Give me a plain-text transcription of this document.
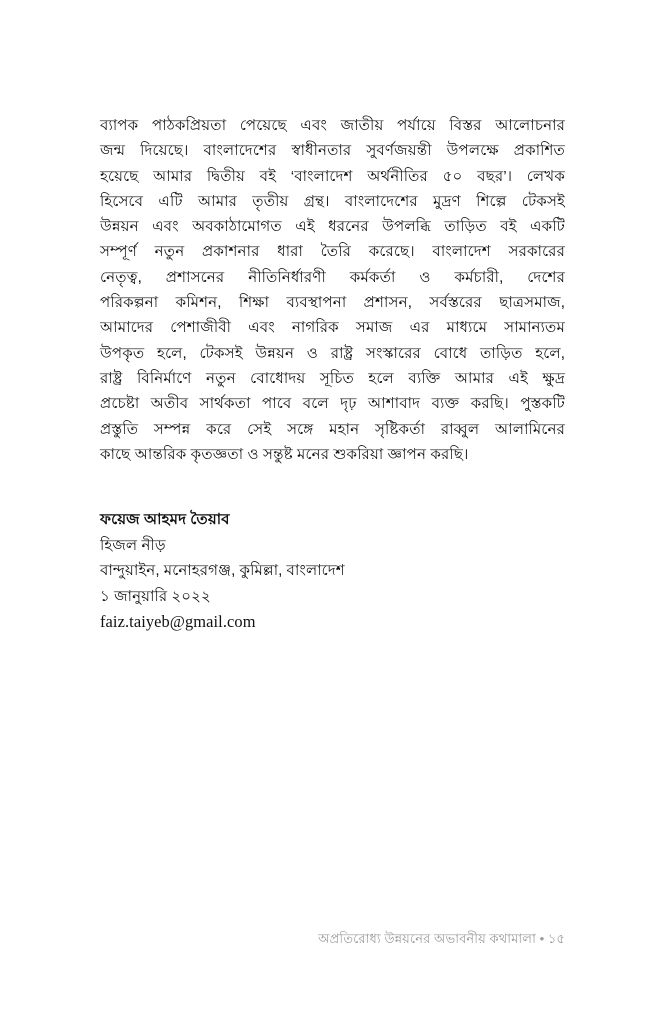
ব্যাপক পাঠকপ্রিয়তা পেয়েছে এবং জাতীয় পর্যায়ে বিস্তর আলোচনার
জন্ম দিয়েছে। বাংলাদেশের স্বাধীনতার সুবর্ণজয়ন্তী উপলক্ষে প্রকাশিত
হয়েছে আমার দ্বিতীয় বই ‘বাংলাদেশ অর্থনীতির ৫০ বছর’। লেখক
হিসেবে এটি আমার তৃতীয় গ্রন্থ। বাংলাদেশের মুদ্রণ শিল্পে টেকসই
উন্নয়ন এবং অবকাঠামোগত এই ধরনের উপলব্ধি তাড়িত বই একটি
সম্পূর্ণ নতুন প্রকাশনার ধারা তৈরি করেছে। বাংলাদেশ সরকারের
নেতৃত্ব, প্রশাসনের নীতিনির্ধারণী কর্মকর্তা ও কর্মচারী, দেশের
পরিকল্পনা কমিশন, শিক্ষা ব্যবস্থাপনা প্রশাসন, সর্বস্তরের ছাত্রসমাজ,
আমাদের পেশাজীবী এবং নাগরিক সমাজ এর মাধ্যমে সামান্যতম
উপকৃত হলে, টেকসই উন্নয়ন ও রাষ্ট্র সংস্কারের বোধে তাড়িত হলে,
রাষ্ট্র বিনির্মাণে নতুন বোধোদয় সূচিত হলে ব্যক্তি আমার এই ক্ষুদ্র
প্রচেষ্টা অতীব সার্থকতা পাবে বলে দৃঢ় আশাবাদ ব্যক্ত করছি। পুস্তকটি
প্রস্তুতি সম্পন্ন করে সেই সঙ্গে মহান সৃষ্টিকর্তা রাব্বুল আলামিনের
কাছে আন্তরিক কৃতজ্ঞতা ও সন্তুষ্ট মনের শুকরিয়া জ্ঞাপন করছি।

ফয়েজ আহমদ তৈয়াব
হিজল নীড়
বান্দুয়াইন, মনোহরগঞ্জ, কুমিল্লা, বাংলাদেশ
১ জানুয়ারি ২০২২
faiz.taiyeb@gmail.com
অপ্রতিরোধ্য উন্নয়নের অভাবনীয় কথামালা • ১৫
